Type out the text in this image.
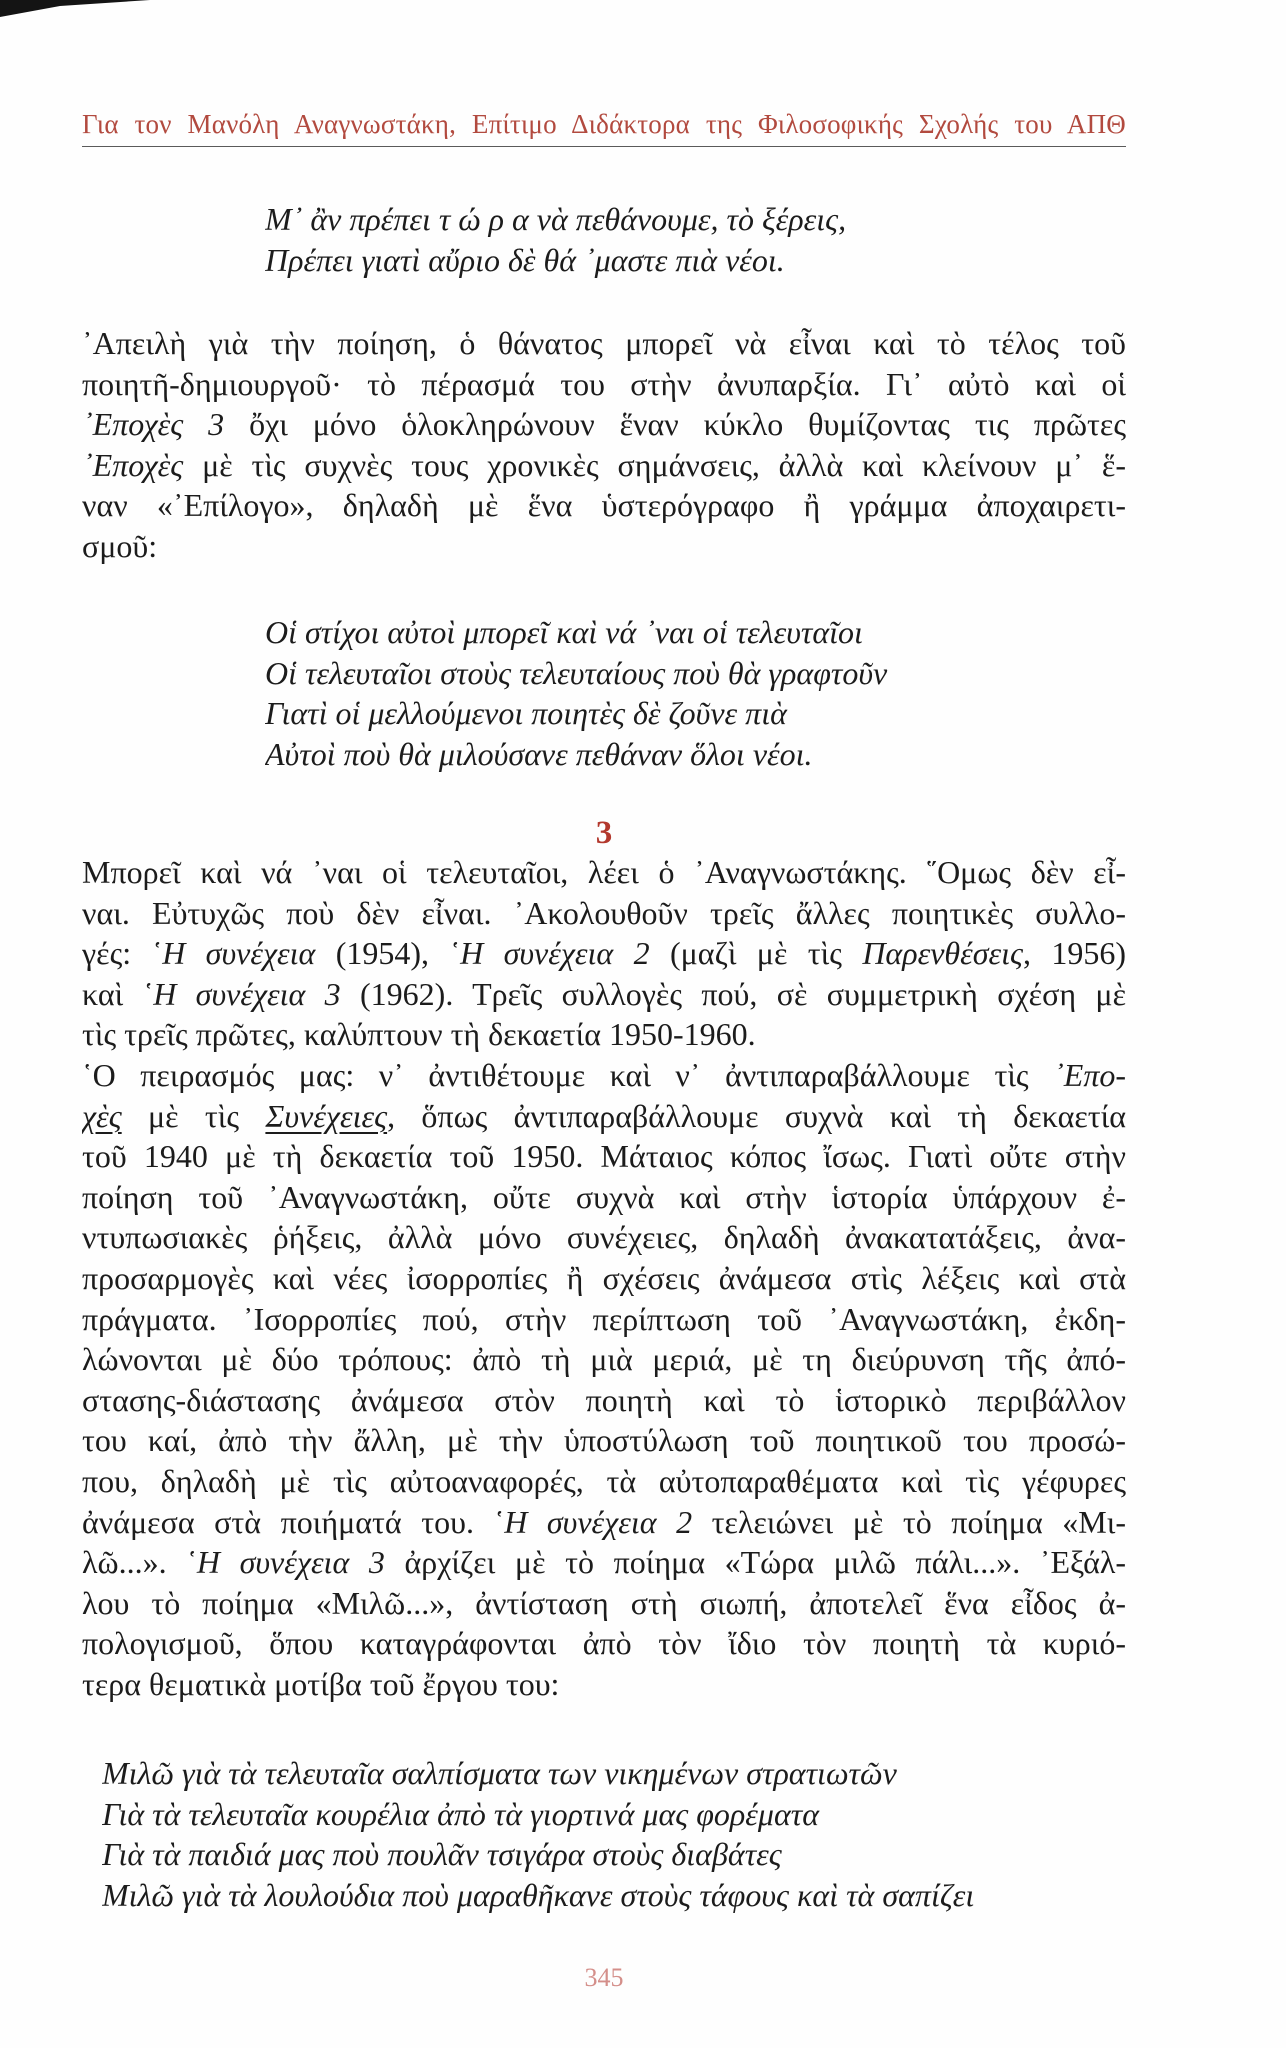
Για τον Μανόλη Αναγνωστάκη, Επίτιμο Διδάκτορα της Φιλοσοφικής Σχολής του ΑΠΘ
Μ᾽ ἂν πρέπει τ ώ ρ α νὰ πεθάνουμε, τὸ ξέρεις,
Πρέπει γιατὶ αὔριο δὲ θά ᾽μαστε πιὰ νέοι.
᾽Απειλὴ γιὰ τὴν ποίηση, ὁ θάνατος μπορεῖ νὰ εἶναι καὶ τὸ τέλος τοῦ
ποιητῆ-δημιουργοῦ· τὸ πέρασμά του στὴν ἀνυπαρξία. Γι᾽ αὐτὸ καὶ οἱ
᾽Εποχὲς 3 ὄχι μόνο ὁλοκληρώνουν ἕναν κύκλο θυμίζοντας τις πρῶτες
᾽Εποχὲς μὲ τὶς συχνὲς τους χρονικὲς σημάνσεις, ἀλλὰ καὶ κλείνουν μ᾽ ἕ-
ναν «᾽Επίλογο», δηλαδὴ μὲ ἕνα ὑστερόγραφο ἢ γράμμα ἀποχαιρετι-
σμοῦ:
Οἱ στίχοι αὐτοὶ μπορεῖ καὶ νά ᾽ναι οἱ τελευταῖοι
Οἱ τελευταῖοι στοὺς τελευταίους ποὺ θὰ γραφτοῦν
Γιατὶ οἱ μελλούμενοι ποιητὲς δὲ ζοῦνε πιὰ
Αὐτοὶ ποὺ θὰ μιλούσανε πεθάναν ὅλοι νέοι.
3
Μπορεῖ καὶ νά ᾽ναι οἱ τελευταῖοι, λέει ὁ ᾽Αναγνωστάκης. ῞Ομως δὲν εἶ-
ναι. Εὐτυχῶς ποὺ δὲν εἶναι. ᾽Ακολουθοῦν τρεῖς ἄλλες ποιητικὲς συλλο-
γές: ῾Η συνέχεια (1954), ῾Η συνέχεια 2 (μαζὶ μὲ τὶς Παρενθέσεις, 1956)
καὶ ῾Η συνέχεια 3 (1962). Τρεῖς συλλογὲς πού, σὲ συμμετρικὴ σχέση μὲ
τὶς τρεῖς πρῶτες, καλύπτουν τὴ δεκαετία 1950-1960.
῾Ο πειρασμός μας: ν᾽ ἀντιθέτουμε καὶ ν᾽ ἀντιπαραβάλλουμε τὶς ᾽Επο-
χὲς μὲ τὶς Συνέχειες, ὅπως ἀντιπαραβάλλουμε συχνὰ καὶ τὴ δεκαετία
τοῦ 1940 μὲ τὴ δεκαετία τοῦ 1950. Μάταιος κόπος ἴσως. Γιατὶ οὔτε στὴν
ποίηση τοῦ ᾽Αναγνωστάκη, οὔτε συχνὰ καὶ στὴν ἱστορία ὑπάρχουν ἐ-
ντυπωσιακὲς ῥήξεις, ἀλλὰ μόνο συνέχειες, δηλαδὴ ἀνακατατάξεις, ἀνα-
προσαρμογὲς καὶ νέες ἰσορροπίες ἢ σχέσεις ἀνάμεσα στὶς λέξεις καὶ στὰ
πράγματα. ᾽Ισορροπίες πού, στὴν περίπτωση τοῦ ᾽Αναγνωστάκη, ἐκδη-
λώνονται μὲ δύο τρόπους: ἀπὸ τὴ μιὰ μεριά, μὲ τη διεύρυνση τῆς ἀπό-
στασης-διάστασης ἀνάμεσα στὸν ποιητὴ καὶ τὸ ἱστορικὸ περιβάλλον
του καί, ἀπὸ τὴν ἄλλη, μὲ τὴν ὑποστύλωση τοῦ ποιητικοῦ του προσώ-
που, δηλαδὴ μὲ τὶς αὐτοαναφορές, τὰ αὐτοπαραθέματα καὶ τὶς γέφυρες
ἀνάμεσα στὰ ποιήματά του. ῾Η συνέχεια 2 τελειώνει μὲ τὸ ποίημα «Μι-
λῶ...». ῾Η συνέχεια 3 ἀρχίζει μὲ τὸ ποίημα «Τώρα μιλῶ πάλι...». ᾽Εξάλ-
λου τὸ ποίημα «Μιλῶ...», ἀντίσταση στὴ σιωπή, ἀποτελεῖ ἕνα εἶδος ἀ-
πολογισμοῦ, ὅπου καταγράφονται ἀπὸ τὸν ἴδιο τὸν ποιητὴ τὰ κυριό-
τερα θεματικὰ μοτίβα τοῦ ἔργου του:
Μιλῶ γιὰ τὰ τελευταῖα σαλπίσματα των νικημένων στρατιωτῶν
Γιὰ τὰ τελευταῖα κουρέλια ἀπὸ τὰ γιορτινά μας φορέματα
Γιὰ τὰ παιδιά μας ποὺ πουλᾶν τσιγάρα στοὺς διαβάτες
Μιλῶ γιὰ τὰ λουλούδια ποὺ μαραθῆκανε στοὺς τάφους καὶ τὰ σαπίζει
345
